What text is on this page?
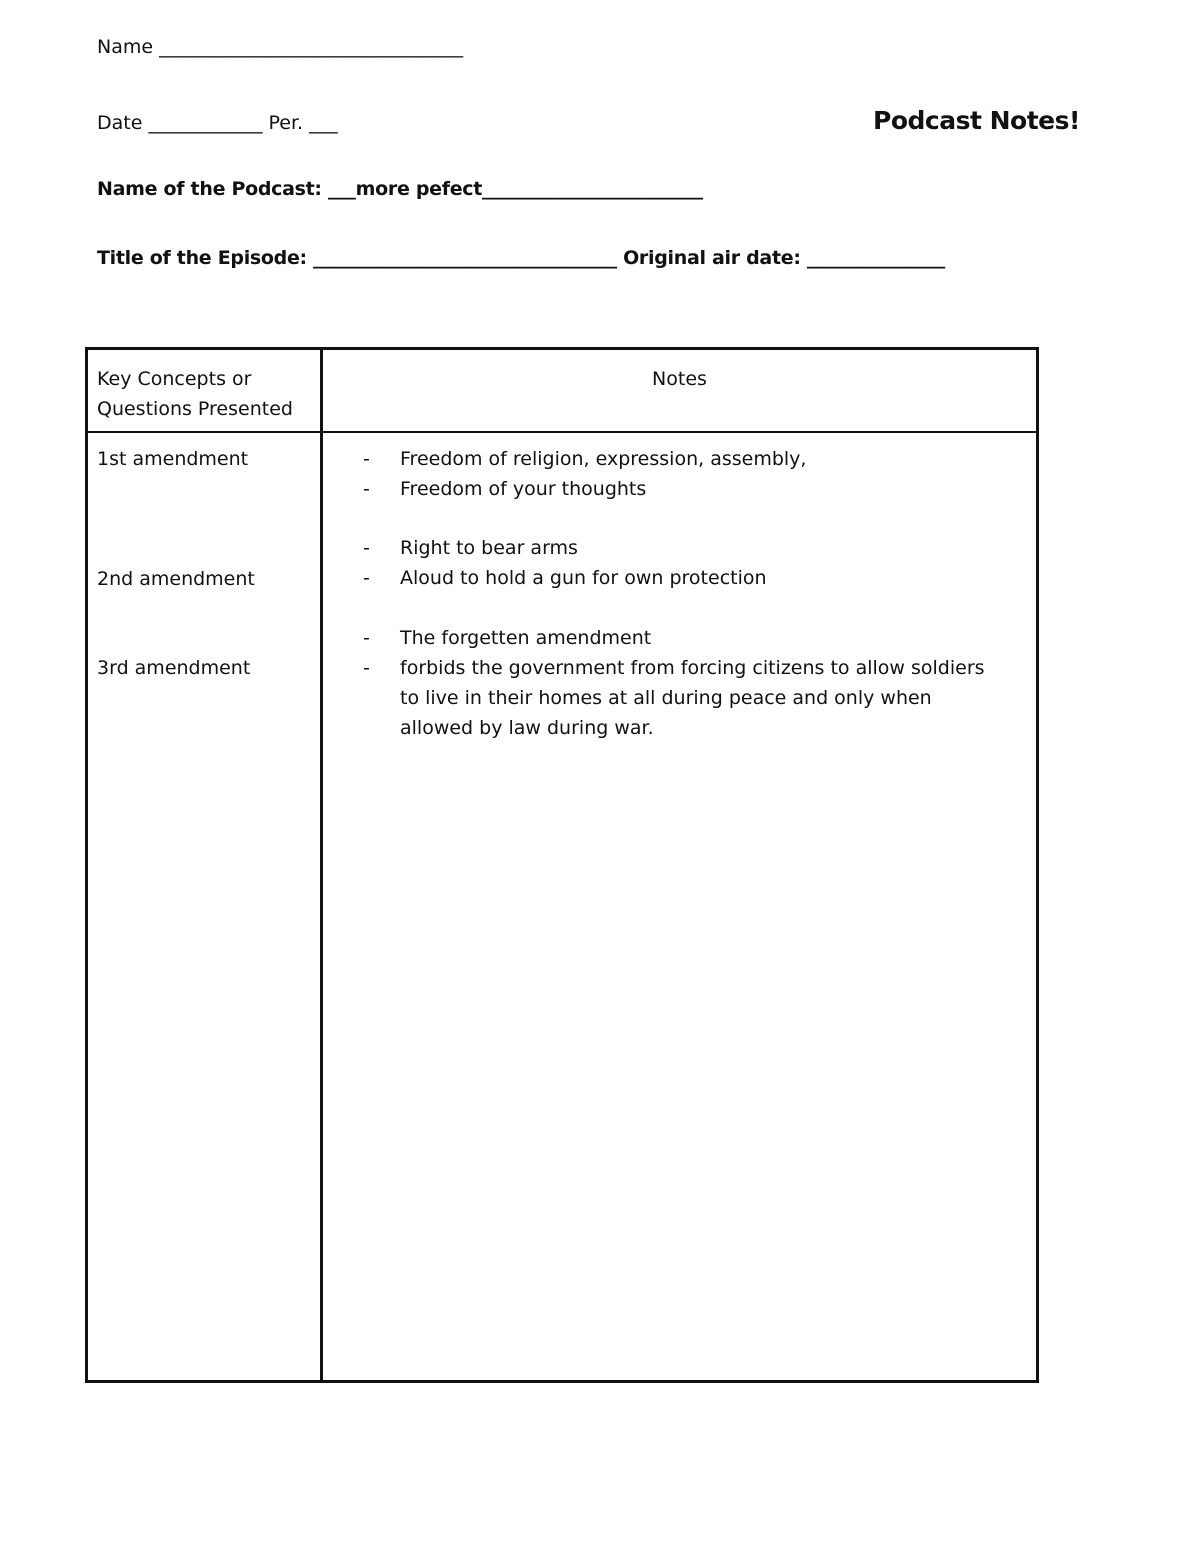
Name ________________________________
Date ____________ Per. ___	Podcast Notes!
Name of the Podcast: ___more pefect________________________
Title of the Episode: _________________________________ Original air date: _______________
Key Concepts or Questions Presented
Notes
1st amendment
2nd amendment
3rd amendment
- Freedom of religion, expression, assembly,
- Freedom of your thoughts
- Right to bear arms
- Aloud to hold a gun for own protection
- The forgetten amendment
- forbids the government from forcing citizens to allow soldiers to live in their homes at all during peace and only when allowed by law during war.
